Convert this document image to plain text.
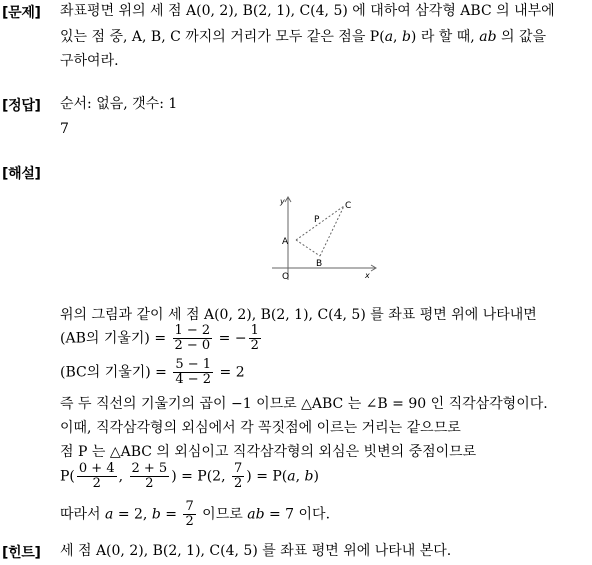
[문제] 좌표평면 위의 세 점 A(0, 2), B(2, 1), C(4, 5) 에 대하여 삼각형 ABC 의 내부에
있는 점 중, A, B, C 까지의 거리가 모두 같은 점을 P(a, b) 라 할 때, ab 의 값을
구하여라.
[정답] 순서: 없음, 갯수: 1
7
[해설]
y
x
O
A
B
C
P
위의 그림과 같이 세 점 A(0, 2), B(2, 1), C(4, 5) 를 좌표 평면 위에 나타내면
(AB의 기울기) = $\frac{1 - 2}{2 - 0}$ = − $\frac{1}{2}$
(BC의 기울기) = $\frac{5 - 1}{4 - 2} = 2$
즉 두 직선의 기울기의 곱이 −1 이므로 △ABC 는 ∠B = 90 인 직각삼각형이다.
이때, 직각삼각형의 외심에서 각 꼭짓점에 이르는 거리는 같으므로
점 P 는 △ABC 의 외심이고 직각삼각형의 외심은 빗변의 중점이므로
$P( \frac{0 + 4}{2}$ , $\frac{2 + 5}{2}$ ) = P(2, $\frac{7}{2}$ ) = P(a, b)
따라서 a = 2, $b = \frac{7}{2}$ 이므로 ab = 7 이다.
[힌트] 세 점 A(0, 2), B(2, 1), C(4, 5) 를 좌표 평면 위에 나타내 본다.
